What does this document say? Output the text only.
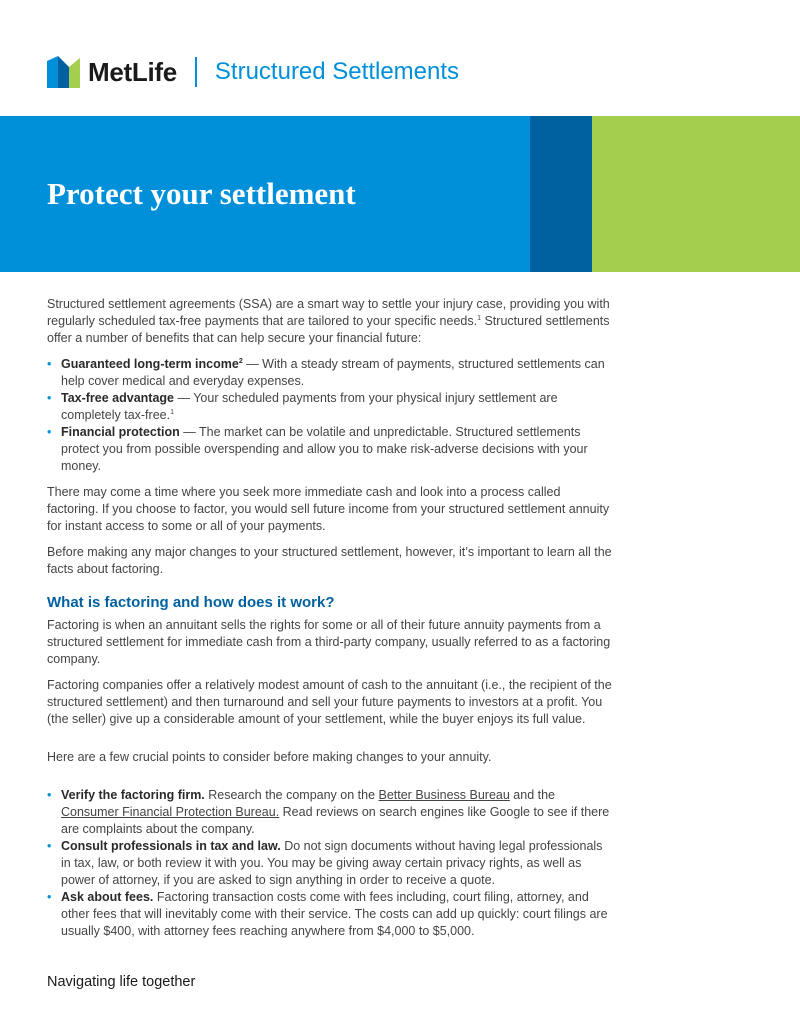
MetLife Structured Settlements
Protect your settlement

Structured settlement agreements (SSA) are a smart way to settle your injury case, providing you with regularly scheduled tax-free payments that are tailored to your specific needs.$^1$ Structured settlements offer a number of benefits that can help secure your financial future:

• Guaranteed long-term income$^2$ — With a steady stream of payments, structured settlements can help cover medical and everyday expenses.
• Tax-free advantage — Your scheduled payments from your physical injury settlement are completely tax-free.$^1$
• Financial protection — The market can be volatile and unpredictable. Structured settlements protect you from possible overspending and allow you to make risk-adverse decisions with your money.

There may come a time where you seek more immediate cash and look into a process called factoring. If you choose to factor, you would sell future income from your structured settlement annuity for instant access to some or all of your payments.

Before making any major changes to your structured settlement, however, it’s important to learn all the facts about factoring.

What is factoring and how does it work?

Factoring is when an annuitant sells the rights for some or all of their future annuity payments from a structured settlement for immediate cash from a third-party company, usually referred to as a factoring company.

Factoring companies offer a relatively modest amount of cash to the annuitant (i.e., the recipient of the structured settlement) and then turnaround and sell your future payments to investors at a profit. You (the seller) give up a considerable amount of your settlement, while the buyer enjoys its full value.

Here are a few crucial points to consider before making changes to your annuity.

• Verify the factoring firm. Research the company on the Better Business Bureau and the Consumer Financial Protection Bureau. Read reviews on search engines like Google to see if there are complaints about the company.
• Consult professionals in tax and law. Do not sign documents without having legal professionals in tax, law, or both review it with you. You may be giving away certain privacy rights, as well as power of attorney, if you are asked to sign anything in order to receive a quote.
• Ask about fees. Factoring transaction costs come with fees including, court filing, attorney, and other fees that will inevitably come with their service. The costs can add up quickly: court filings are usually $400, with attorney fees reaching anywhere from $4,000 to $5,000.
Navigating life together
